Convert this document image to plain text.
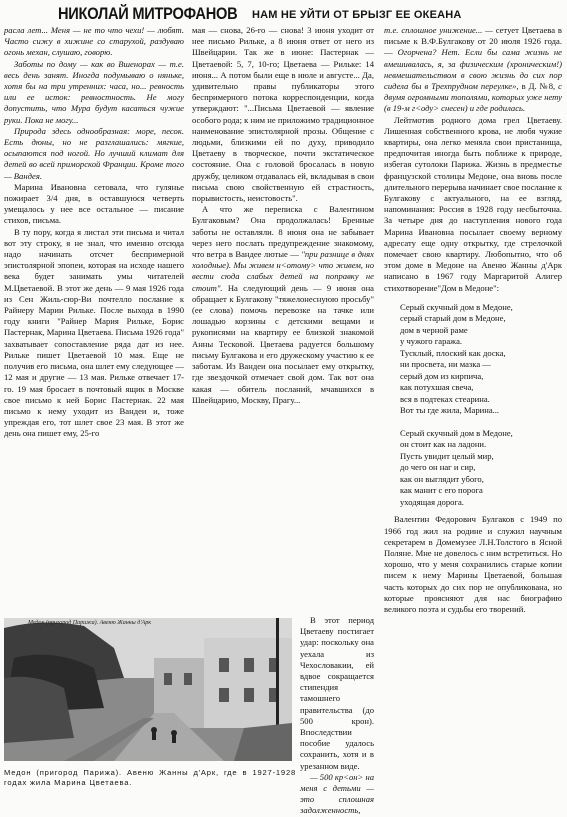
НИКОЛАЙ МИТРОФАНОВ НАМ НЕ УЙТИ ОТ БРЫЗГ ЕЕ ОКЕАНА

расла лет... Меня — не то что чехи! — любят. Часто сижу в хижине со старухой, раздуваю огонь механ, слушаю, говорю.

Заботы по дому — как во Вшенорах — т.е. весь день занят. Иногда подумываю о няньке, хотя бы на три утренних: часа, но... ревность или ее исток: ревностность. Не могу допустить, что Мура будут касаться чужие руки. Пока не могу...

Природа здесь однообразная: море, песок. Есть дюны, но не разглашались: мягкие, осыпаются под ногой. Но лучший климат для детей во всей приморской Франции. Кроме того — Вандея.

Марина Ивановна сетовала, что гулянье пожирает 3/4 дня, в оставшуюся четверть умещалось у нее все остальное — писание стихов, письма.

В ту пору, когда я листал эти письма и читал вот эту строку, я не знал, что именно отсюда надо начинать отсчет беспримерной эпистолярной эпопеи, которая на исходе нашего века будет занимать умы читателей М.Цветаевой. В этот же день — 9 мая 1926 года из Сен Жиль-сюр-Ви почтелло послание к Райнеру Марии Рильке. После выхода в 1990 году книги "Райнер Мария Рильке, Борис Пастернак, Марина Цветаева. Письма 1926 года" захватывает сопоставление ряда дат из нее. Рильке пишет Цветаевой 10 мая. Еще не получив его письма, она шлет ему следующее — 12 мая и другие — 13 мая. Рильке отвечает 17-го. 19 мая бросает в почтовый ящик в Москве свое письмо к ней Борис Пастернак. 22 мая письмо к нему уходит из Вандеи и, тоже упреждая его, тот шлет свое 23 мая. В этот же день она пишет ему, 25-го

мая — снова, 26-го — снова! 3 июня уходит от нее письмо Рильке, а 8 июня ответ от него из Швейцарии. Так же в июне: Пастернак — Цветаевой: 5, 7, 10-го; Цветаева — Рильке: 14 июня... А потом были еще в июле и августе... Да, удивительно правы публикаторы этого беспримерного потока корреспонденции, когда утверждают: "...Письма Цветаевой — явление особого рода; к ним не приложимо традиционное наименование эпистолярной прозы. Общение с людьми, близкими ей по духу, приводило Цветаеву в творческое, почти экстатическое состояние. Она с головой бросалась в новую дружбу, целиком отдавалась ей, вкладывая в свои письма свою свойственную ей страстность, порывистость, неистовость".

А что же переписка с Валентином Булгаковым? Она продолжалась! Бренные заботы не оставляли. 8 июня она не забывает через него послать предупреждение знакомому, что ветра в Вандее лютые — "при разнице в днях холодные). Мы живем н<отому> что живем, но вести сюда слабых детей на поправку не стоит". На следующий день — 9 июня она обращает к Булгакову "тяжелонеснуюю просьбу" (ее слова) помочь перевозке на тачке или лошадью корзины с детскими вещами и рукописями на квартиру ее близкой знакомой Анны Тесковой. Цветаева радуется большому письму Булгакова и его дружескому участию к ее заботам. Из Вандеи она посылает ему открытку, где звездочкой отмечает свой дом. Так вот она какая — обитель посланий, мчавшихся в Швейцарию, Москву, Прагу...

В этот период Цветаеву постигает удар: поскольку она уехала из Чехословакии, ей вдвое сокращается стипендия тамошнего правительства (до 500 крон). Впоследствии пособие удалось сохранить, хотя и в урезанном виде.

— 500 кр<он> на меня с детьми — это сплошная задолженность,

т.е. сплошное унижение... — сетует Цветаева в письме к В.Ф.Булгакову от 20 июля 1926 года. — Огорчена? Нет. Если бы сама жизнь не вмешивалась, я, за физическим (хроническим!) невмешательством в свою жизнь до сих пор сидела бы в Трехпрудном переулке», в Д. №8, с двумя огромными тополями, которых уже нету (в 19-м г<оду> снесен) и где родилась.

Лейтмотив родного дома грел Цветаеву. Лишенная собственного крова, не любя чужие квартиры, она легко меняла свои пристанища, предпочитая иногда быть поближе к природе, избегая сутолоки Парижа. Жизнь в предместье французской столицы Медоне, она вновь после длительного перерыва начинает свое послание к Булгакову с актуального, на ее взгляд, напоминания: Россия в 1928 году несбыточна. За четыре дня до наступления нового года Марина Ивановна посылает своему верному адресату еще одну открытку, где стрелочкой помечает свою квартиру. Любопытно, что об этом доме в Медоне на Авеню Жанны д'Арк написано в 1967 году Маргаритой Алигер стихотворение"Дом в Медоне":

Серый скучный дом в Медоне,
серый старый дом в Медоне,
дом в черной раме
у чужого гаража.
Тусклый, плоский как доска,
ни просвета, ни мазка —
серый дом из кирпича,
как потухшая свеча,
вся в подтеках стеарина.
Вот ты где жила, Марина...
Серый скучный дом в Медоне,
он стоит как на ладони.
Пусть увидит целый мир,
до чего он наг и сир,
как он выглядит убого,
как манит с его порога
уходящая дорога.

Валентин Федорович Булгаков с 1949 по 1966 год жил на родине и служил научным секретарем в Домемузее Л.Н.Толстого в Ясной Поляне. Мне не довелось с ним встретиться. Но хорошо, что у меня сохранились старые копии писем к нему Марины Цветаевой, большая часть которых до сих пор не опубликована, но которые проясняют для нас биографию великого поэта и судьбы его творений.

Медон (пригород Парижа). Авеню Жанны д'Арк
Медон (пригород Парижа). Авеню Жанны д'Арк, где в 1927-1928 годах жила Марина Цветаева.
